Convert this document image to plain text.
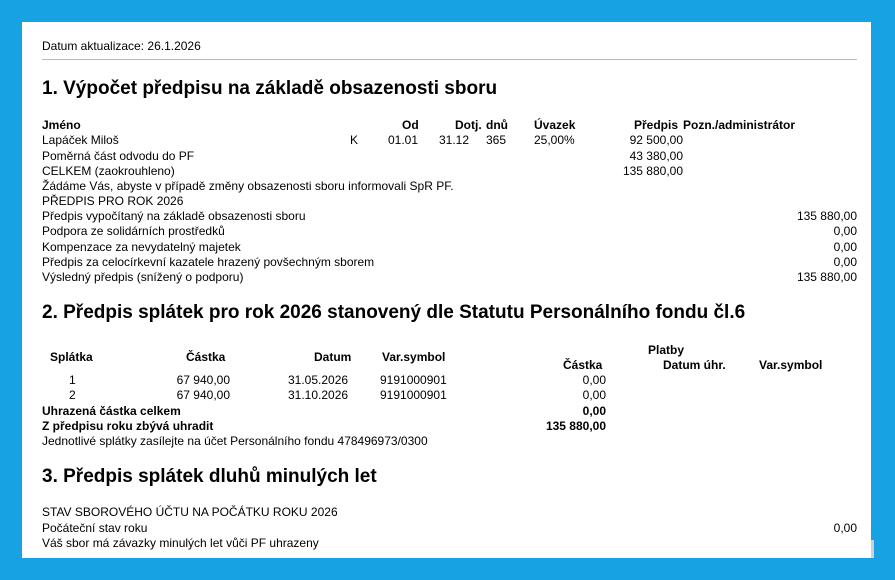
Datum aktualizace: 26.1.2026
1. Výpočet předpisu na základě obsazenosti sboru
Jméno	Od	Dotj. dnů Úvazek	Předpis Pozn./administrátor
Lapáček Miloš	K 01.01 31.12 365 25,00%	92 500,00
Poměrná část odvodu do PF	43 380,00
CELKEM (zaokrouhleno)	135 880,00
Žádáme Vás, abyste v případě změny obsazenosti sboru informovali SpR PF.
PŘEDPIS PRO ROK 2026
Předpis vypočítaný na základě obsazenosti sboru	135 880,00
Podpora ze solidárních prostředků	0,00
Kompenzace za nevydatelný majetek	0,00
Předpis za celocírkevní kazatele hrazený povšechným sborem	0,00
Výsledný předpis (snížený o podporu)	135 880,00
2. Předpis splátek pro rok 2026 stanovený dle Statutu Personálního fondu čl.6
Platby
Splátka	Částka	Datum	Var.symbol
Částka	Datum úhr.	Var.symbol
1	67 940,00	31.05.2026	9191000901	0,00
2	67 940,00	31.10.2026	9191000901	0,00
Uhrazená částka celkem	0,00
Z předpisu roku zbývá uhradit	135 880,00
Jednotlivé splátky zasílejte na účet Personálního fondu 478496973/0300
3. Předpis splátek dluhů minulých let
STAV SBOROVÉHO ÚČTU NA POČÁTKU ROKU 2026
Počáteční stav roku	0,00
Váš sbor má závazky minulých let vůči PF uhrazeny
